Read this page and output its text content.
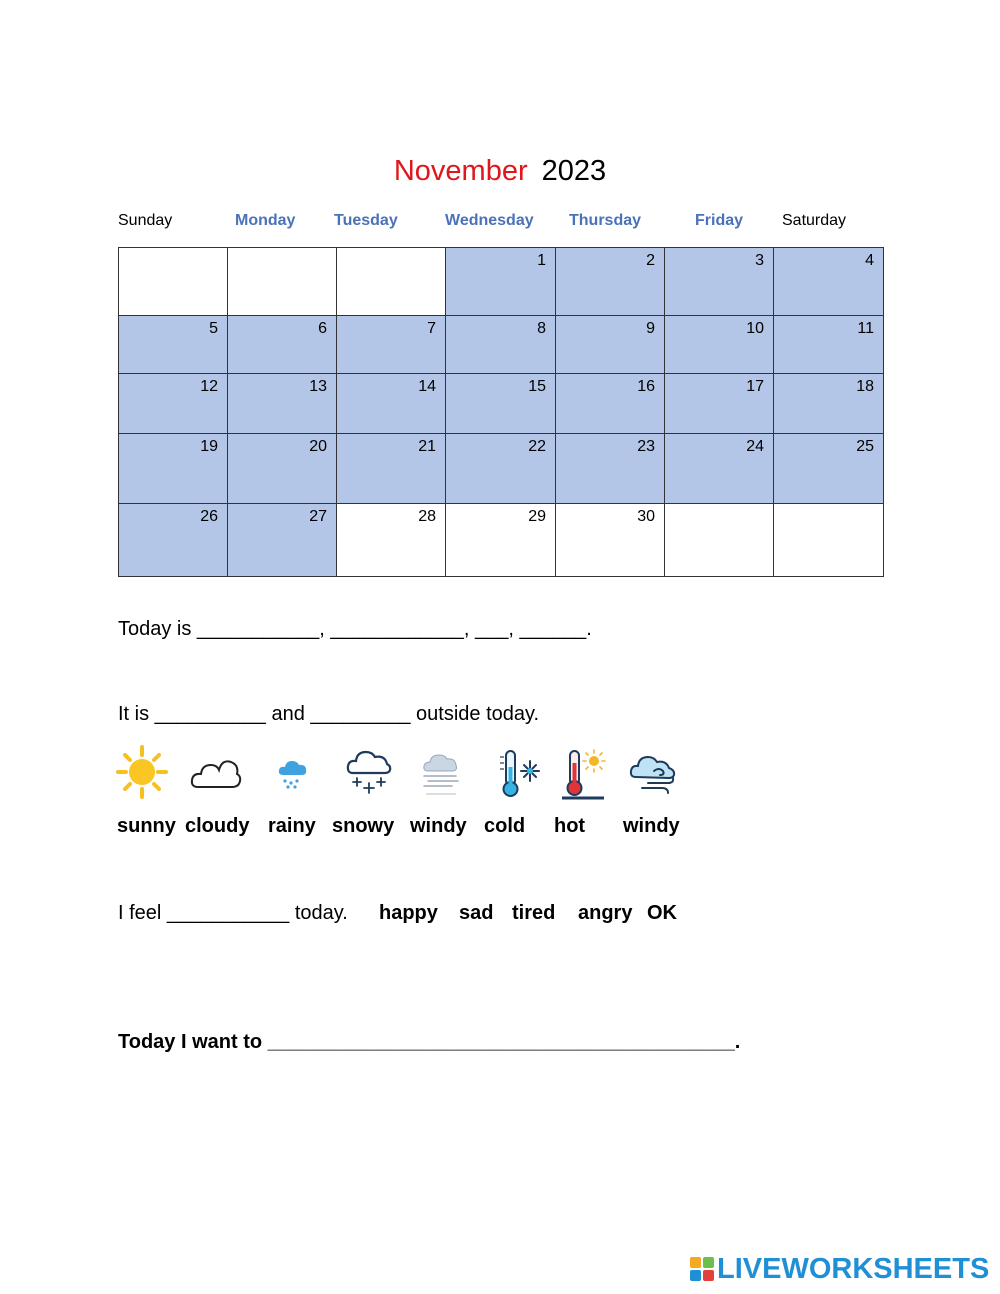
November 2023
Sunday	Monday Tuesday	Wednesday Thursday	Friday Saturday

			1	2	3	4

5	6	7	8	9	10	11

12	13	14	15	16	17	18

19	20	21	22	23	24	25

26	27	28	29	30		

Today is ___________, ____________, ___, ______.
It is __________ and _________ outside today.
sunny cloudy rainy snowy windy cold hot windy
I feel ___________ today. happy sad tired angry OK
Today I want to __________________________________________.
LIVEWORKSHEETS
